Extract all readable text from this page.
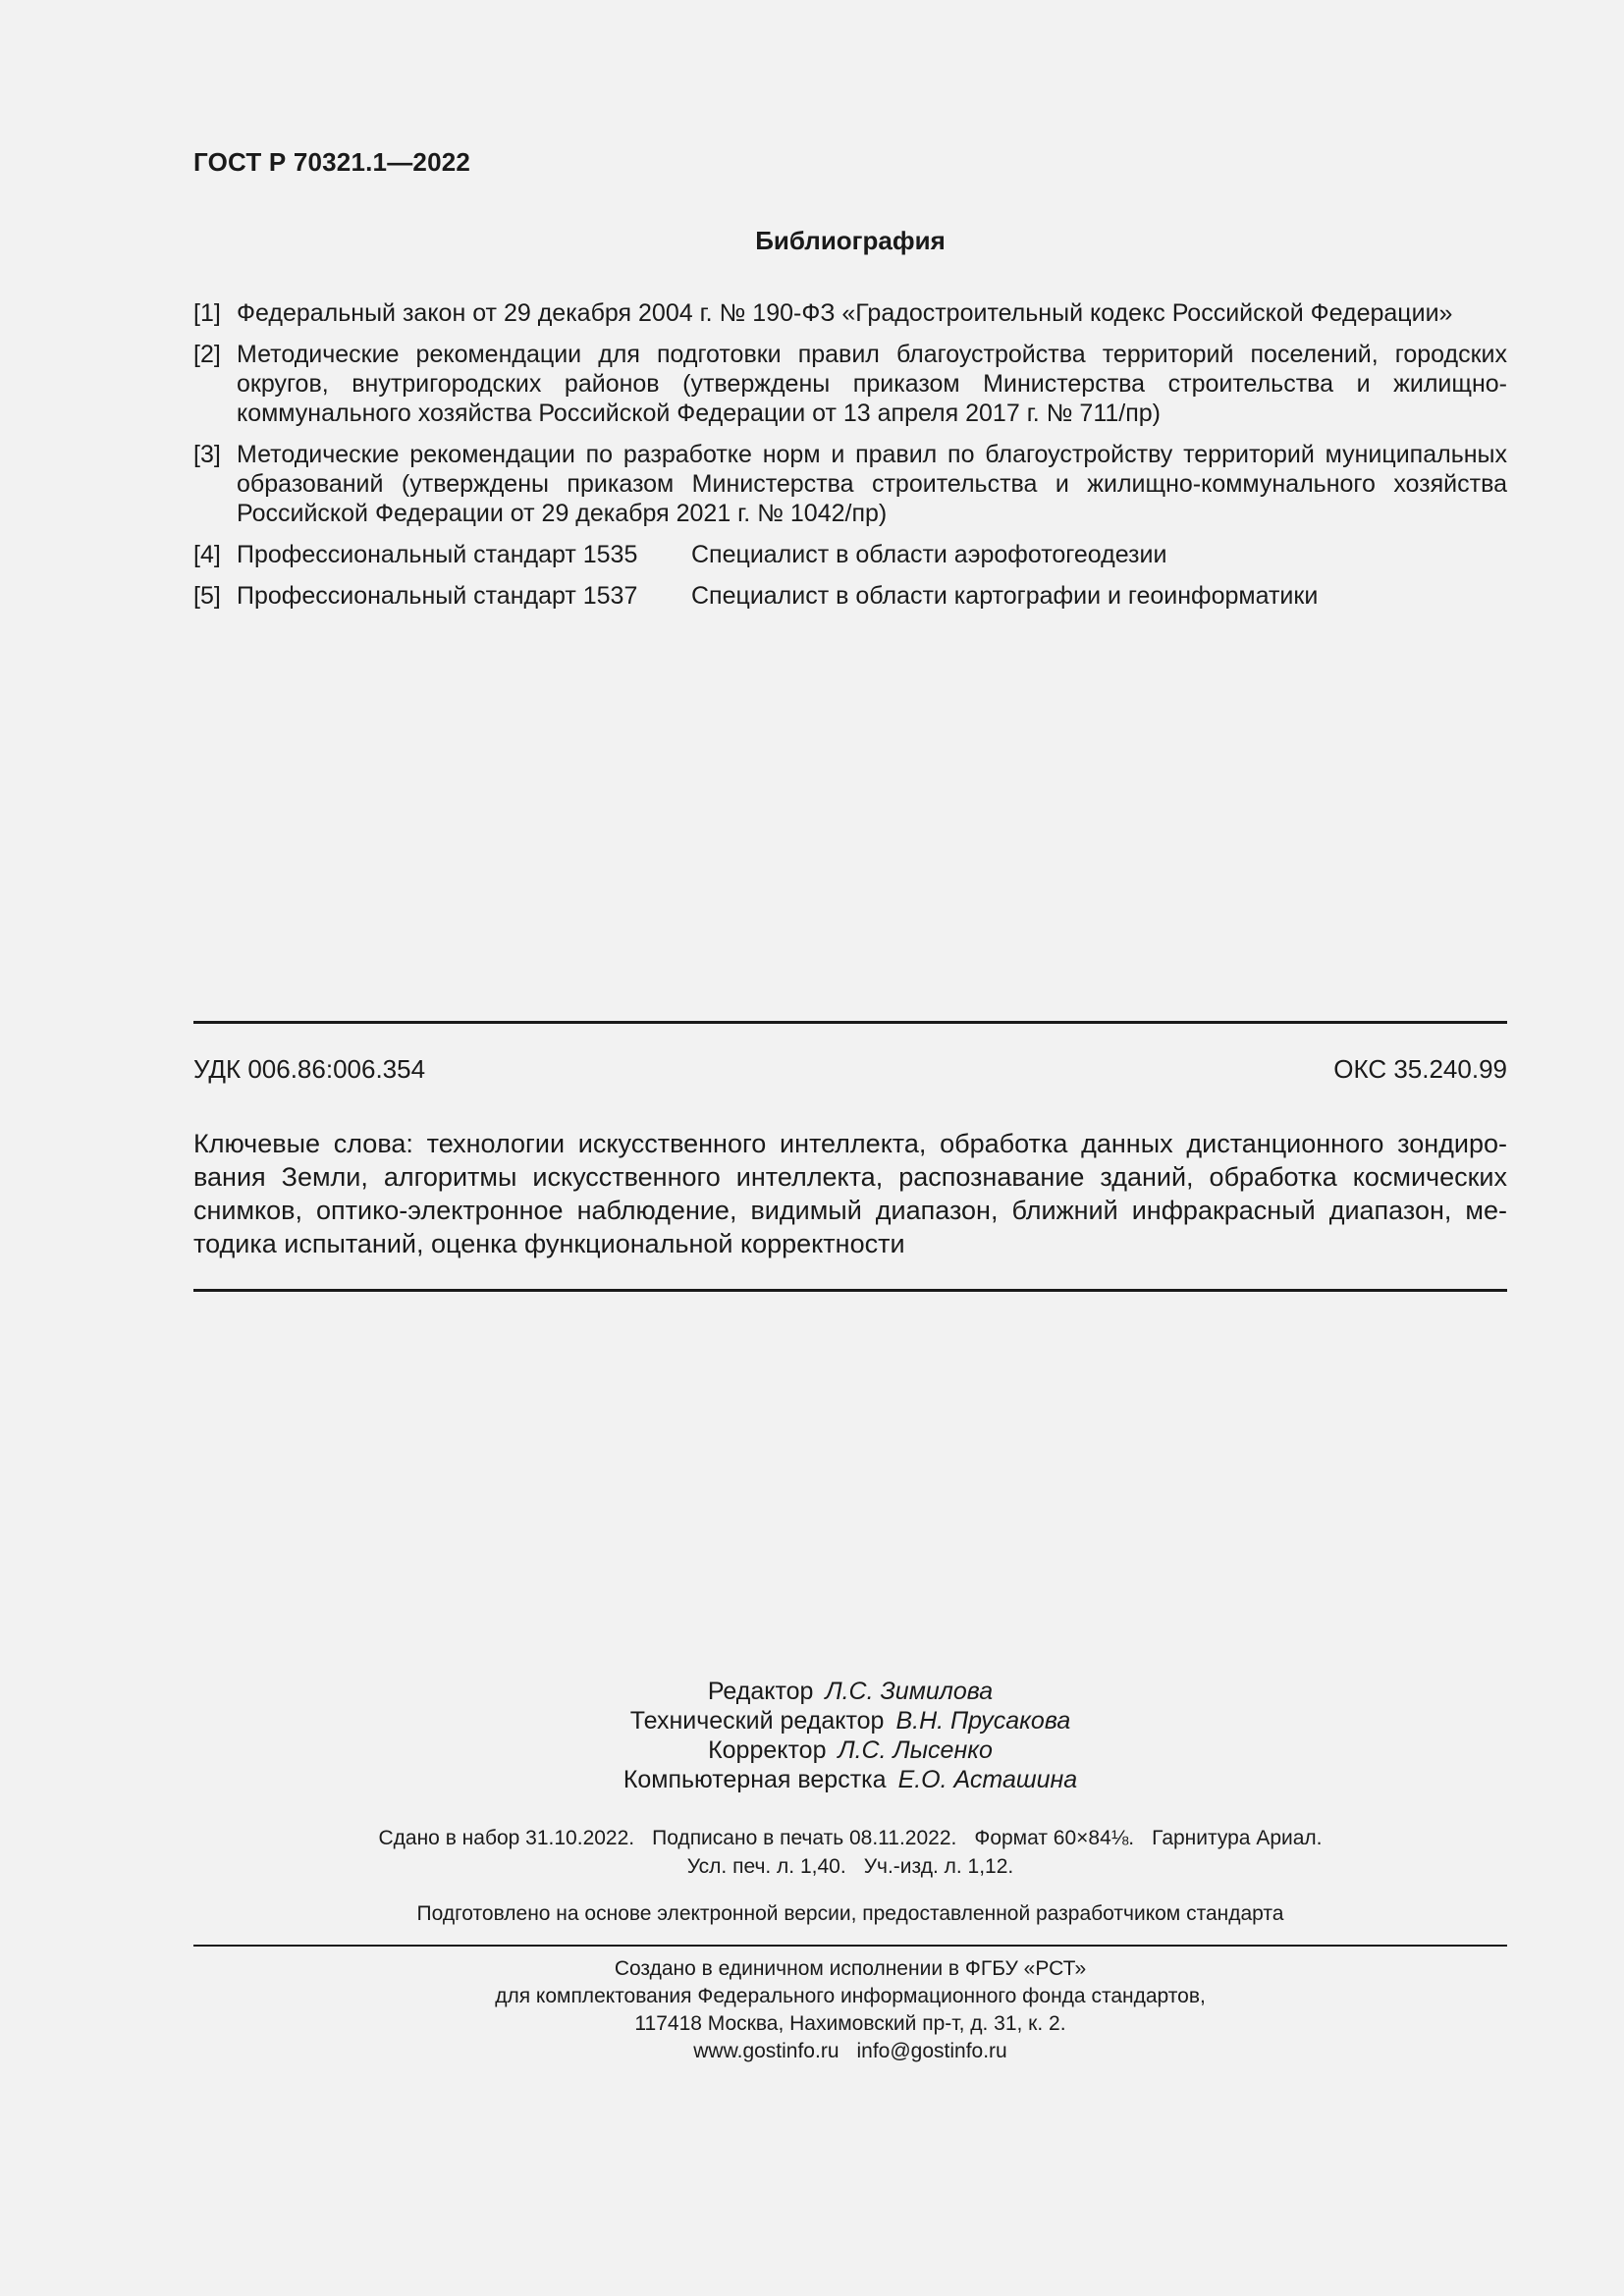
ГОСТ Р 70321.1—2022
Библиография
[1] Федеральный закон от 29 декабря 2004 г. № 190-ФЗ «Градостроительный кодекс Российской Федерации»
[2] Методические рекомендации для подготовки правил благоустройства территорий поселений, городских округов, внутригородских районов (утверждены приказом Министерства строительства и жилищно-коммунального хозяйства Российской Федерации от 13 апреля 2017 г. № 711/пр)
[3] Методические рекомендации по разработке норм и правил по благоустройству территорий муниципальных образований (утверждены приказом Министерства строительства и жилищно-коммунального хозяйства Российской Федерации от 29 декабря 2021 г. № 1042/пр)
[4] Профессиональный стандарт 1535	Специалист в области аэрофотогеодезии
[5] Профессиональный стандарт 1537	Специалист в области картографии и геоинформатики
УДК 006.86:006.354	ОКС 35.240.99
Ключевые слова: технологии искусственного интеллекта, обработка данных дистанционного зондирования Земли, алгоритмы искусственного интеллекта, распознавание зданий, обработка космических снимков, оптико-электронное наблюдение, видимый диапазон, ближний инфракрасный диапазон, методика испытаний, оценка функциональной корректности
Редактор Л.С. Зимилова
Технический редактор В.Н. Прусакова
Корректор Л.С. Лысенко
Компьютерная верстка Е.О. Асташина
Сдано в набор 31.10.2022. Подписано в печать 08.11.2022. Формат 60×84⅛. Гарнитура Ариал.
Усл. печ. л. 1,40. Уч.-изд. л. 1,12.
Подготовлено на основе электронной версии, предоставленной разработчиком стандарта
Создано в единичном исполнении в ФГБУ «РСТ»
для комплектования Федерального информационного фонда стандартов,
117418 Москва, Нахимовский пр-т, д. 31, к. 2.
www.gostinfo.ru info@gostinfo.ru
